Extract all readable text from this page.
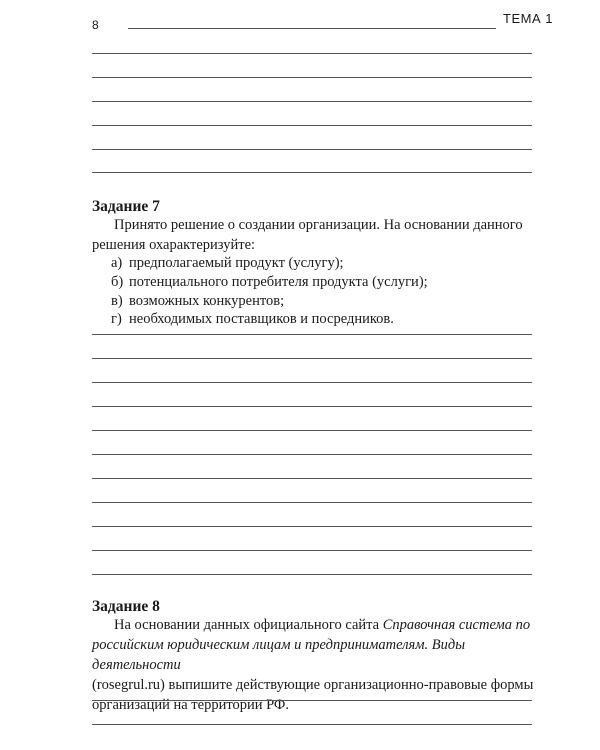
8	ТЕМА 1
Задание 7
Принято решение о создании организации. На основании данного
решения охарактеризуйте:
а) предполагаемый продукт (услугу);
б) потенциального потребителя продукта (услуги);
в) возможных конкурентов;
г) необходимых поставщиков и посредников.
Задание 8
На основании данных официального сайта Справочная система по
российским юридическим лицам и предпринимателям. Виды деятельности
(rosegrul.ru) выпишите действующие организационно-правовые формы
организаций на территории РФ.
